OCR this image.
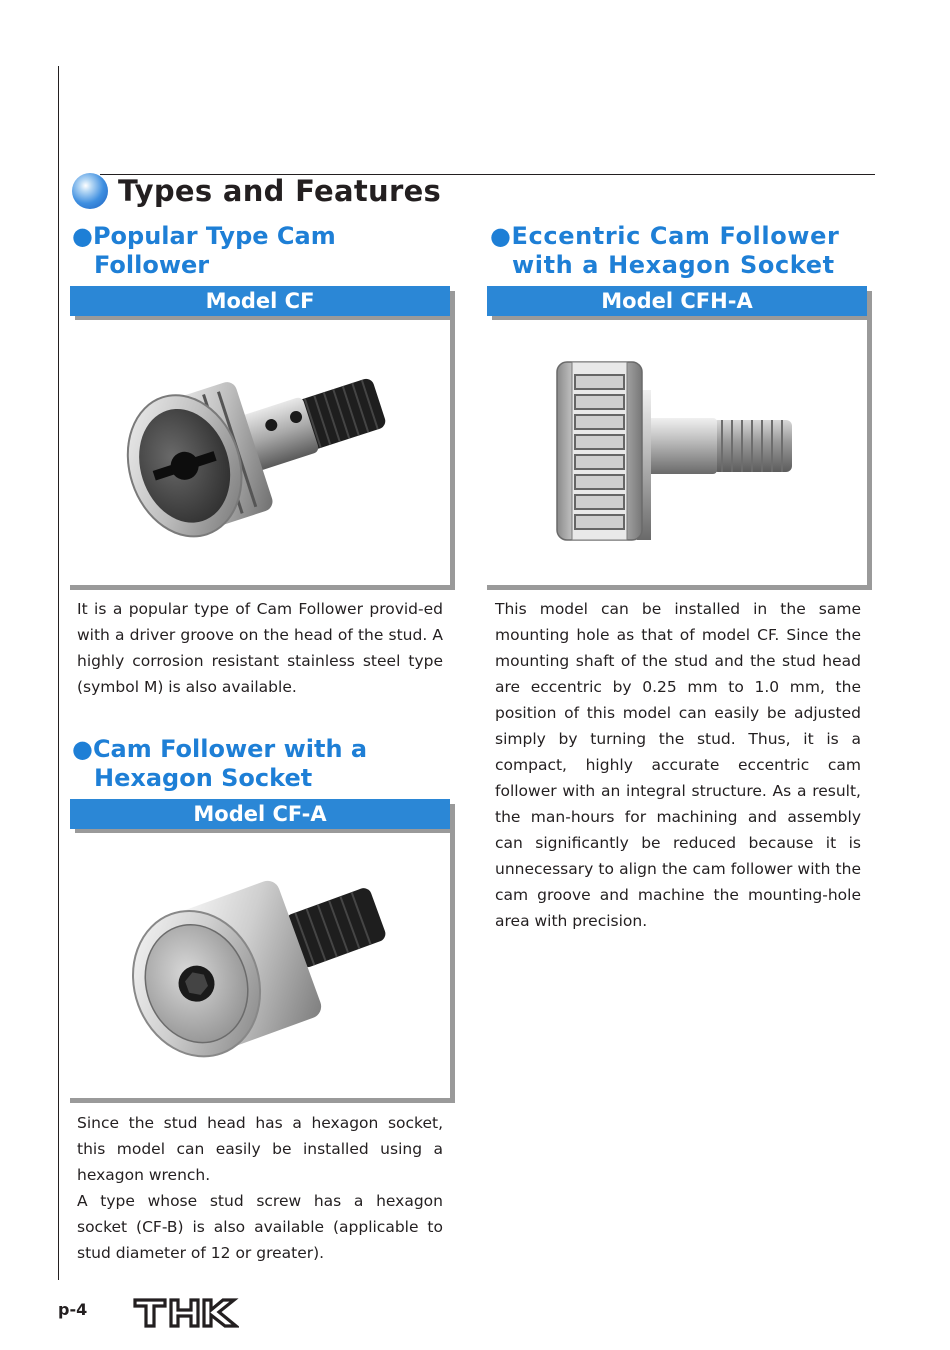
Types and Features
●Popular Type Cam
Follower
Model CF
It is a popular type of Cam Follower provid-ed with a driver groove on the head of the stud. A highly corrosion resistant stainless steel type (symbol M) is also available.
●Cam Follower with a
Hexagon Socket
Model CF-A

Since the stud head has a hexagon socket, this model can easily be installed using a hexagon wrench.

A type whose stud screw has a hexagon socket (CF-B) is also available (applicable to stud diameter of 12 or greater).

●Eccentric Cam Follower
with a Hexagon Socket
Model CFH-A
This model can be installed in the same mounting hole as that of model CF. Since the mounting shaft of the stud and the stud head are eccentric by 0.25 mm to 1.0 mm, the position of this model can easily be adjusted simply by turning the stud. Thus, it is a compact, highly accurate eccentric cam follower with an integral structure. As a result, the man-hours for machining and assembly can significantly be reduced because it is unnecessary to align the cam follower with the cam groove and machine the mounting-hole area with precision.
p-4
